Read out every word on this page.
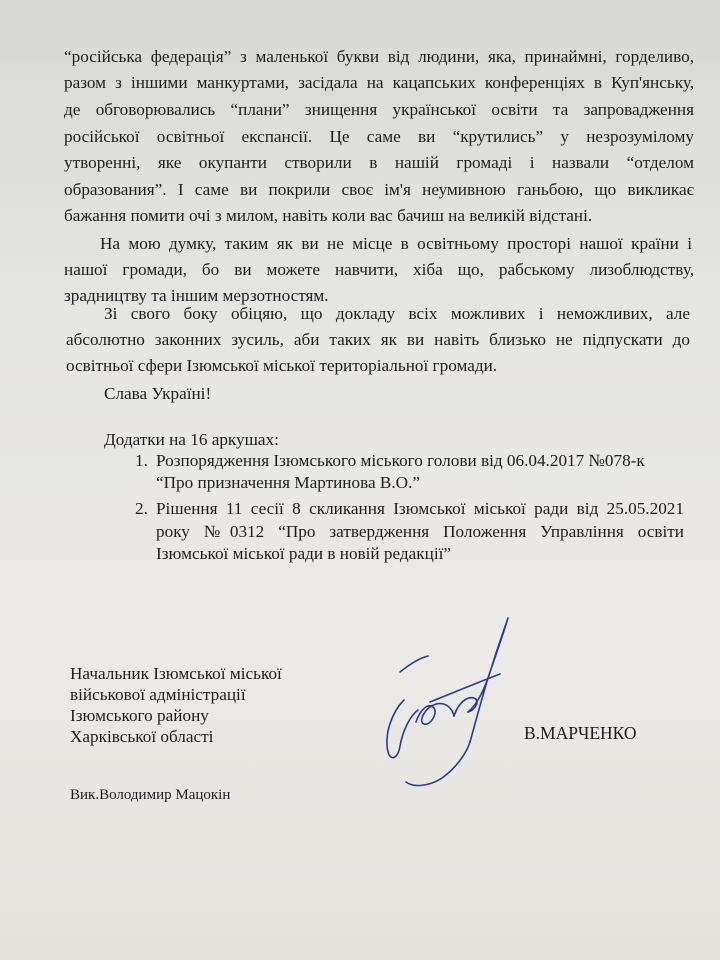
“російська федерація” з маленької букви від людини, яка, принаймні, горделиво,
разом з іншими манкуртами, засідала на кацапських конференціях в Куп'янську,
де обговорювались “плани” знищення української освіти та запровадження
російської освітньої експансії. Це саме ви “крутились” у незрозумілому
утворенні, яке окупанти створили в нашій громаді і назвали “отделом
образования”. І саме ви покрили своє ім'я неумивною ганьбою, що викликає
бажання помити очі з милом, навіть коли вас бачиш на великій відстані.
На мою думку, таким як ви не місце в освітньому просторі нашої країни і
нашої громади, бо ви можете навчити, хіба що, рабському лизоблюдству,
зрадництву та іншим мерзотностям.
Зі свого боку обіцяю, що докладу всіх можливих і неможливих, але
абсолютно законних зусиль, аби таких як ви навіть близько не підпускати до
освітньої сфери Ізюмської міської територіальної громади.
Слава Україні!
Додатки на 16 аркушах:
1. Розпорядження Ізюмського міського голови від 06.04.2017 №078-к
“Про призначення Мартинова В.О.”
2. Рішення 11 сесії 8 скликання Ізюмської міської ради від 25.05.2021
року №0312 “Про затвердження Положення Управління освіти
Ізюмської міської ради в новій редакції”
Начальник Ізюмської міської
військової адміністрації
Ізюмського району
Харківської області	В.МАРЧЕНКО
Вик.Володимир Мацокін
